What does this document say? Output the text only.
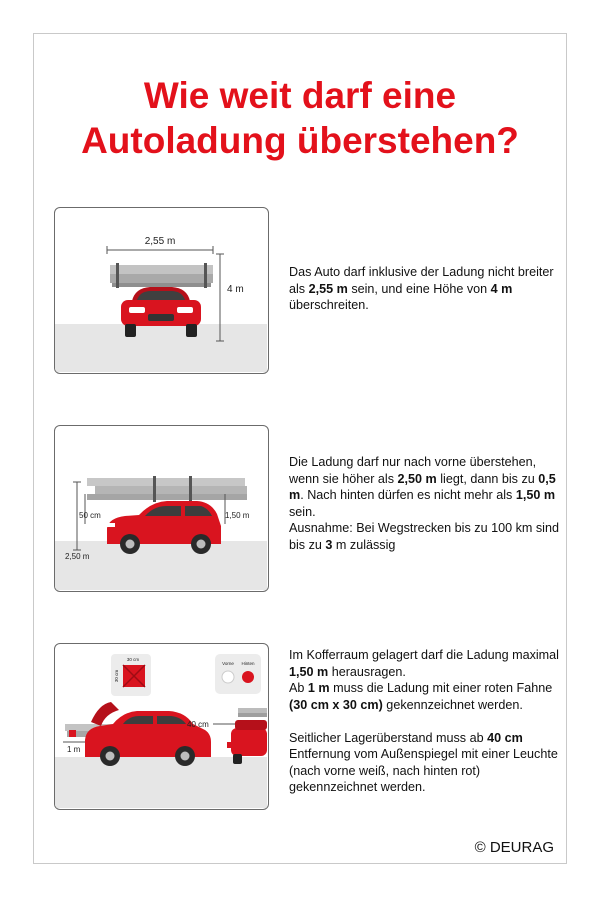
Wie weit darf eine
Autoladung überstehen?
2,55 m
4 m
Das Auto darf inklusive der Ladung nicht breiter als 2,55 m sein, und eine Höhe von 4 m überschreiten.
2,50 m
50 cm	1,50 m
Die Ladung darf nur nach vorne überstehen, wenn sie höher als 2,50 m liegt, dann bis zu 0,5 m. Nach hinten dürfen es nicht mehr als 1,50 m sein.
Ausnahme: Bei Wegstrecken bis zu 100 km sind bis zu 3 m zulässig
30 cm
30 cm
Vorne Hinten
1 m
40 cm
Im Kofferraum gelagert darf die Ladung maximal 1,50 m herausragen.
Ab 1 m muss die Ladung mit einer roten Fahne (30 cm x 30 cm) gekennzeichnet werden.

Seitlicher Lagerüberstand muss ab 40 cm Entfernung vom Außenspiegel mit einer Leuchte (nach vorne weiß, nach hinten rot) gekennzeichnet werden.
© DEURAG
